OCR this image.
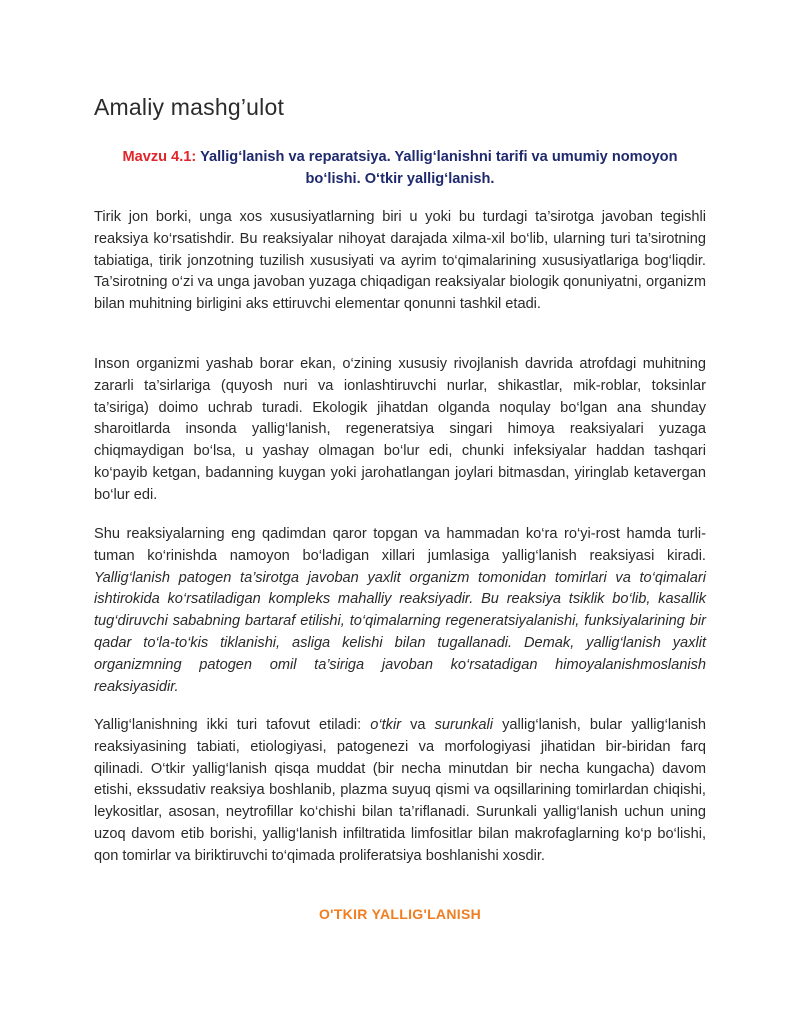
Amaliy mashg’ulot
Mavzu 4.1: Yallig‘lanish va reparatsiya. Yallig‘lanishni tarifi va umumiy nomoyon bo‘lishi. O‘tkir yallig‘lanish.

Tirik jon borki, unga xos xususiyatlarning biri u yoki bu turdagi ta’sirotga javoban tegishli reaksiya ko‘rsatishdir. Bu reaksiyalar nihoyat darajada xilma-xil bo‘lib, ularning turi ta’sirotning tabiatiga, tirik jonzotning tuzilish xususiyati va ayrim to‘qimalarining xususiyatlariga bog‘liqdir. Ta’sirotning o‘zi va unga javoban yuzaga chiqadigan reaksiyalar biologik qonuniyatni, organizm bilan muhitning birligini aks ettiruvchi elementar qonunni tashkil etadi.

Inson organizmi yashab borar ekan, o‘zining xususiy rivojlanish davrida atrofdagi muhitning zararli ta’sirlariga (quyosh nuri va ionlashtiruvchi nurlar, shikastlar, mik-roblar, toksinlar ta’siriga) doimo uchrab turadi. Ekologik jihatdan olganda noqulay bo‘lgan ana shunday sharoitlarda insonda yallig‘lanish, regeneratsiya singari himoya reaksiyalari yuzaga chiqmaydigan bo‘lsa, u yashay olmagan bo‘lur edi, chunki infeksiyalar haddan tashqari ko‘payib ketgan, badanning kuygan yoki jarohatlangan joylari bitmasdan, yiringlab ketavergan bo‘lur edi.

Shu reaksiyalarning eng qadimdan qaror topgan va hammadan ko‘ra ro‘yi-rost hamda turli-tuman ko‘rinishda namoyon bo‘ladigan xillari jumlasiga yallig‘lanish reaksiyasi kiradi. Yallig‘lanish patogen ta’sirotga javoban yaxlit organizm tomonidan tomirlari va to‘qimalari ishtirokida ko‘rsatiladigan kompleks mahalliy reaksiyadir. Bu reaksiya tsiklik bo‘lib, kasallik tug‘diruvchi sababning bartaraf etilishi, to‘qimalarning regeneratsiyalanishi, funksiyalarining bir qadar to‘la-to‘kis tiklanishi, asliga kelishi bilan tugallanadi. Demak, yallig‘lanish yaxlit organizmning patogen omil ta’siriga javoban ko‘rsatadigan himoyalanishmoslanish reaksiyasidir.

Yallig‘lanishning ikki turi tafovut etiladi: o‘tkir va surunkali yallig‘lanish, bular yallig‘lanish reaksiyasining tabiati, etiologiyasi, patogenezi va morfologiyasi jihatidan bir-biridan farq qilinadi. O‘tkir yallig‘lanish qisqa muddat (bir necha minutdan bir necha kungacha) davom etishi, ekssudativ reaksiya boshlanib, plazma suyuq qismi va oqsillarining tomirlardan chiqishi, leykositlar, asosan, neytrofillar ko‘chishi bilan ta’riflanadi. Surunkali yallig‘lanish uchun uning uzoq davom etib borishi, yallig‘lanish infiltratida limfositlar bilan makrofaglarning ko‘p bo‘lishi, qon tomirlar va biriktiruvchi to‘qimada proliferatsiya boshlanishi xosdir.

O'TKIR YALLIG'LANISH
